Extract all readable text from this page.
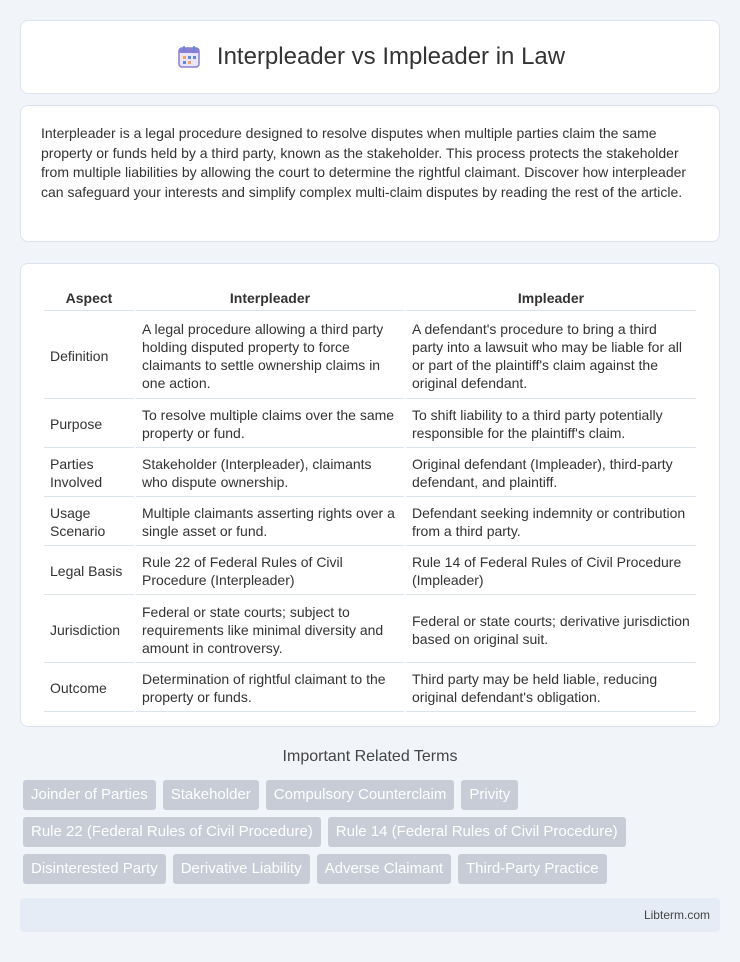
Interpleader vs Impleader in Law

Interpleader is a legal procedure designed to resolve disputes when multiple parties claim the same property or funds held by a third party, known as the stakeholder. This process protects the stakeholder from multiple liabilities by allowing the court to determine the rightful claimant. Discover how interpleader can safeguard your interests and simplify complex multi-claim disputes by reading the rest of the article.

Aspect	Interpleader	Impleader
Definition	A legal procedure allowing a third party holding disputed property to force claimants to settle ownership claims in one action.	A defendant's procedure to bring a third party into a lawsuit who may be liable for all or part of the plaintiff's claim against the original defendant.
Purpose	To resolve multiple claims over the same property or fund.	To shift liability to a third party potentially responsible for the plaintiff's claim.
Parties Involved	Stakeholder (Interpleader), claimants who dispute ownership.	Original defendant (Impleader), third-party defendant, and plaintiff.
Usage Scenario	Multiple claimants asserting rights over a single asset or fund.	Defendant seeking indemnity or contribution from a third party.
Legal Basis	Rule 22 of Federal Rules of Civil Procedure (Interpleader)	Rule 14 of Federal Rules of Civil Procedure (Impleader)
Jurisdiction	Federal or state courts; subject to requirements like minimal diversity and amount in controversy.	Federal or state courts; derivative jurisdiction based on original suit.
Outcome	Determination of rightful claimant to the property or funds.	Third party may be held liable, reducing original defendant's obligation.
Important Related Terms
Joinder of Parties	Stakeholder	Compulsory Counterclaim	Privity
Rule 22 (Federal Rules of Civil Procedure)	Rule 14 (Federal Rules of Civil Procedure)
Disinterested Party	Derivative Liability	Adverse Claimant	Third-Party Practice
Libterm.com
